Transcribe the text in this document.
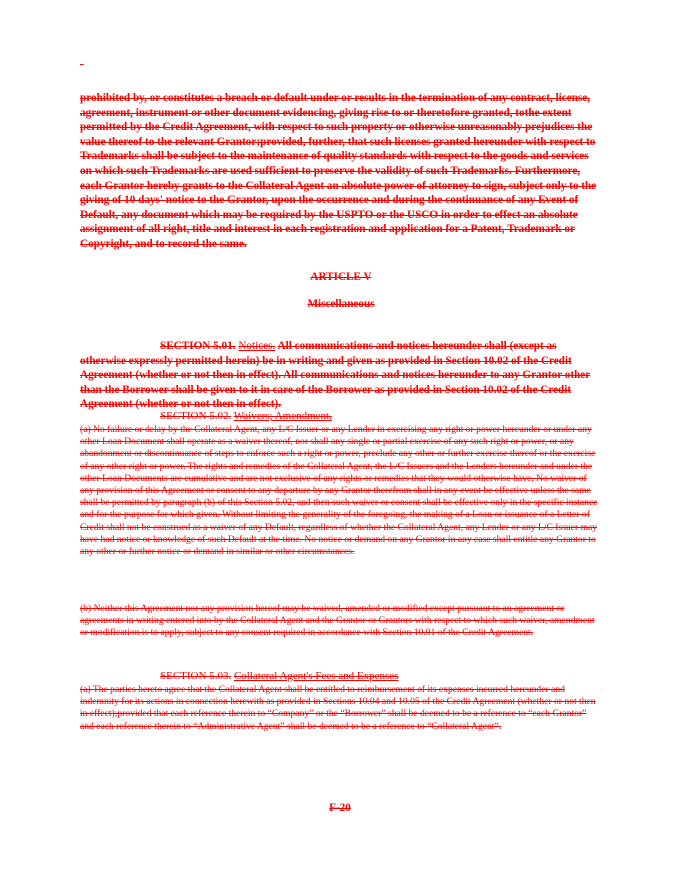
-

prohibited by, or constitutes a breach or default under or results in the termination of any contract, license, agreement, instrument or other document evidencing, giving rise to or theretofore granted, tothe extent permitted by the Credit Agreement, with respect to such property or otherwise unreasonably prejudices the value thereof to the relevant Grantor;provided, further, that such licenses granted hereunder with respect to Trademarks shall be subject to the maintenance of quality standards with respect to the goods and services on which such Trademarks are used sufficient to preserve the validity of such Trademarks. Furthermore, each Grantor hereby grants to the Collateral Agent an absolute power of attorney to sign, subject only to the giving of 10 days' notice to the Grantor, upon the occurrence and during the continuance of any Event of Default, any document which may be required by the USPTO or the USCO in order to effect an absolute assignment of all right, title and interest in each registration and application for a Patent, Trademark or Copyright, and to record the same.

ARTICLE V

Miscellaneous

SECTION 5.01. Notices. All communications and notices hereunder shall (except as otherwise expressly permitted herein) be in writing and given as provided in Section 10.02 of the Credit Agreement (whether or not then in effect). All communications and notices hereunder to any Grantor other than the Borrower shall be given to it in care of the Borrower as provided in Section 10.02 of the Credit Agreement (whether or not then in effect).

SECTION 5.02. Waivers; Amendment.

(a) No failure or delay by the Collateral Agent, any L/C Issuer or any Lender in exercising any right or power hereunder or under any other Loan Document shall operate as a waiver thereof, nor shall any single or partial exercise of any such right or power, or any abandonment or discontinuance of steps to enforce such a right or power, preclude any other or further exercise thereof or the exercise of any other right or power. The rights and remedies of the Collateral Agent, the L/C Issuers and the Lenders hereunder and under the other Loan Documents are cumulative and are not exclusive of any rights or remedies that they would otherwise have. No waiver of any provision of this Agreement or consent to any departure by any Grantor therefrom shall in any event be effective unless the same shall be permitted by paragraph (b) of this Section 5.02, and then such waiver or consent shall be effective only in the specific instance and for the purpose for which given. Without limiting the generality of the foregoing, the making of a Loan or issuance of a Letter of Credit shall not be construed as a waiver of any Default, regardless of whether the Collateral Agent, any Lender or any L/C Issuer may have had notice or knowledge of such Default at the time. No notice or demand on any Grantor in any case shall entitle any Grantor to any other or further notice or demand in similar or other circumstances.

(b) Neither this Agreement nor any provision hereof may be waived, amended or modified except pursuant to an agreement or agreements in writing entered into by the Collateral Agent and the Grantor or Grantors with respect to which such waiver, amendment or modification is to apply, subject to any consent required in accordance with Section 10.01 of the Credit Agreement.

SECTION 5.03. Collateral Agent's Fees and Expenses

(a) The parties hereto agree that the Collateral Agent shall be entitled to reimbursement of its expenses incurred hereunder and indemnity for its actions in connection herewith as provided in Sections 10.04 and 10.05 of the Credit Agreement (whether or not then in effect);provided that each reference therein to “Company” or the “Borrower” shall be deemed to be a reference to “each Grantor” and each reference therein to “Administrative Agent” shall be deemed to be a reference to “Collateral Agent”.

F-20
